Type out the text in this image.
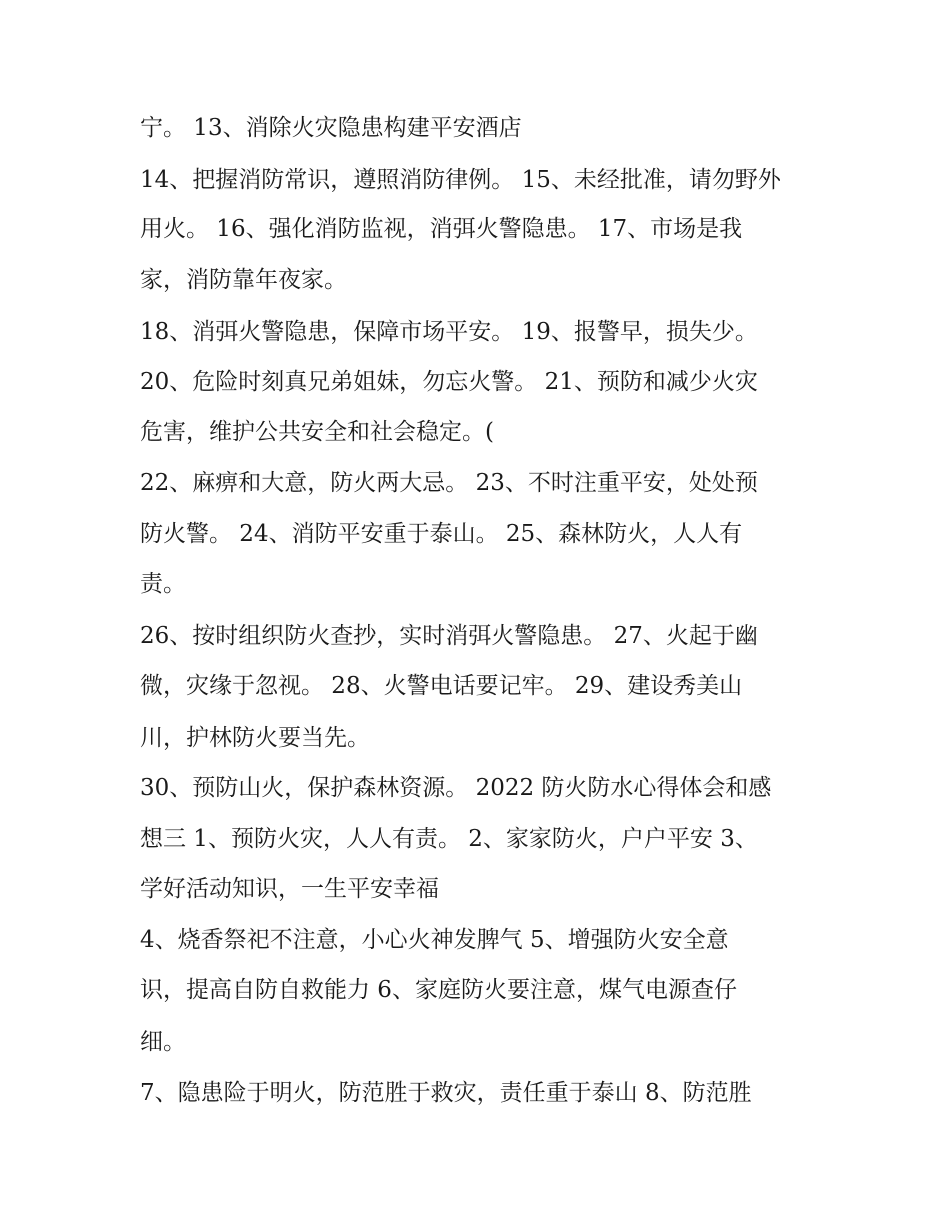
宁。 13、消除火灾隐患构建平安酒店
14、把握消防常识，遵照消防律例。 15、未经批准，请勿野外
用火。 16、强化消防监视，消弭火警隐患。 17、市场是我
家，消防靠年夜家。
18、消弭火警隐患，保障市场平安。 19、报警早，损失少。
20、危险时刻真兄弟姐妹，勿忘火警。 21、预防和减少火灾
危害，维护公共安全和社会稳定。(
22、麻痹和大意，防火两大忌。 23、不时注重平安，处处预
防火警。 24、消防平安重于泰山。 25、森林防火，人人有
责。
26、按时组织防火查抄，实时消弭火警隐患。 27、火起于幽
微，灾缘于忽视。 28、火警电话要记牢。 29、建设秀美山
川，护林防火要当先。
30、预防山火，保护森林资源。 2022 防火防水心得体会和感
想三 1、预防火灾，人人有责。 2、家家防火，户户平安 3、
学好活动知识，一生平安幸福
4、烧香祭祀不注意，小心火神发脾气 5、增强防火安全意
识，提高自防自救能力 6、家庭防火要注意，煤气电源查仔
细。
7、隐患险于明火，防范胜于救灾，责任重于泰山 8、防范胜
